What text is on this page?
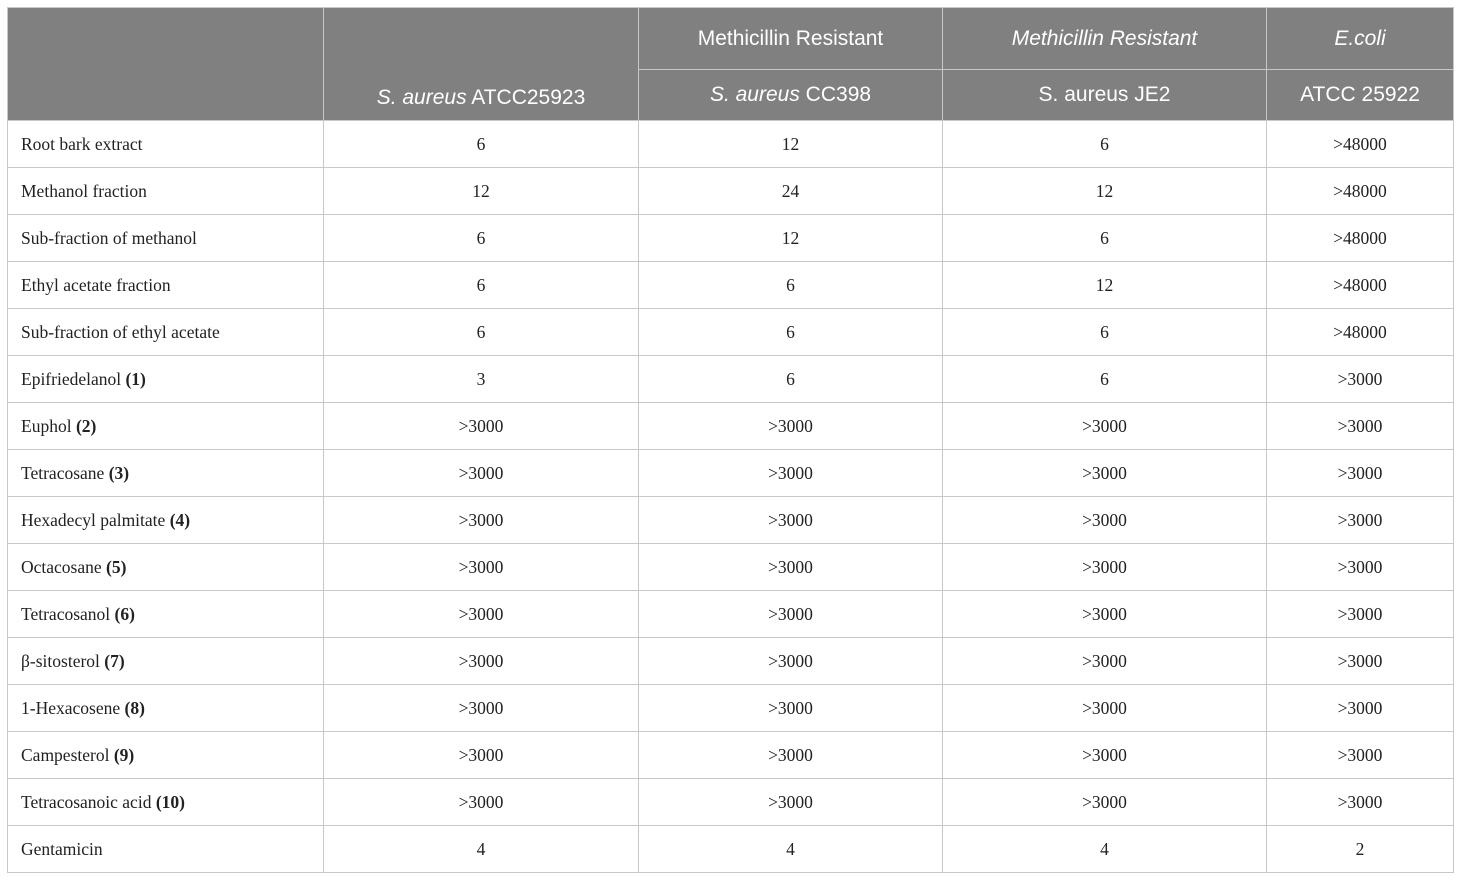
	S. aureus ATCC25923	Methicillin Resistant	Methicillin Resistant	E.coli
		S. aureus CC398	S. aureus JE2	ATCC 25922
Root bark extract	6	12	6	>48000
Methanol fraction	12	24	12	>48000
Sub-fraction of methanol	6	12	6	>48000
Ethyl acetate fraction	6	6	12	>48000
Sub-fraction of ethyl acetate	6	6	6	>48000
Epifriedelanol (1)	3	6	6	>3000
Euphol (2)	>3000	>3000	>3000	>3000
Tetracosane (3)	>3000	>3000	>3000	>3000
Hexadecyl palmitate (4)	>3000	>3000	>3000	>3000
Octacosane (5)	>3000	>3000	>3000	>3000
Tetracosanol (6)	>3000	>3000	>3000	>3000
β-sitosterol (7)	>3000	>3000	>3000	>3000
1-Hexacosene (8)	>3000	>3000	>3000	>3000
Campesterol (9)	>3000	>3000	>3000	>3000
Tetracosanoic acid (10)	>3000	>3000	>3000	>3000
Gentamicin	4	4	4	2
